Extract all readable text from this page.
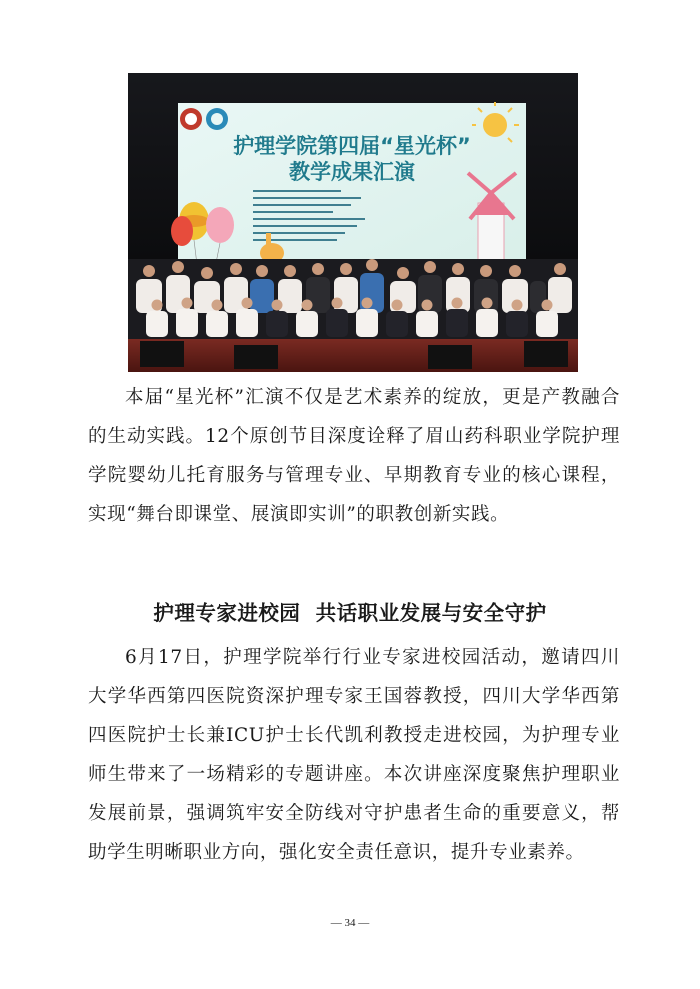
护理学院第四届“星光杯”
教学成果汇演

本届“星光杯”汇演不仅是艺术素养的绽放，更是产教融合的生动实践。12个原创节目深度诠释了眉山药科职业学院护理学院婴幼儿托育服务与管理专业、早期教育专业的核心课程，实现“舞台即课堂、展演即实训”的职教创新实践。

护理专家进校园  共话职业发展与安全守护

6月17日，护理学院举行行业专家进校园活动，邀请四川大学华西第四医院资深护理专家王国蓉教授，四川大学华西第四医院护士长兼ICU护士长代凯利教授走进校园，为护理专业师生带来了一场精彩的专题讲座。本次讲座深度聚焦护理职业发展前景，强调筑牢安全防线对守护患者生命的重要意义，帮助学生明晰职业方向，强化安全责任意识，提升专业素养。

— 34 —
